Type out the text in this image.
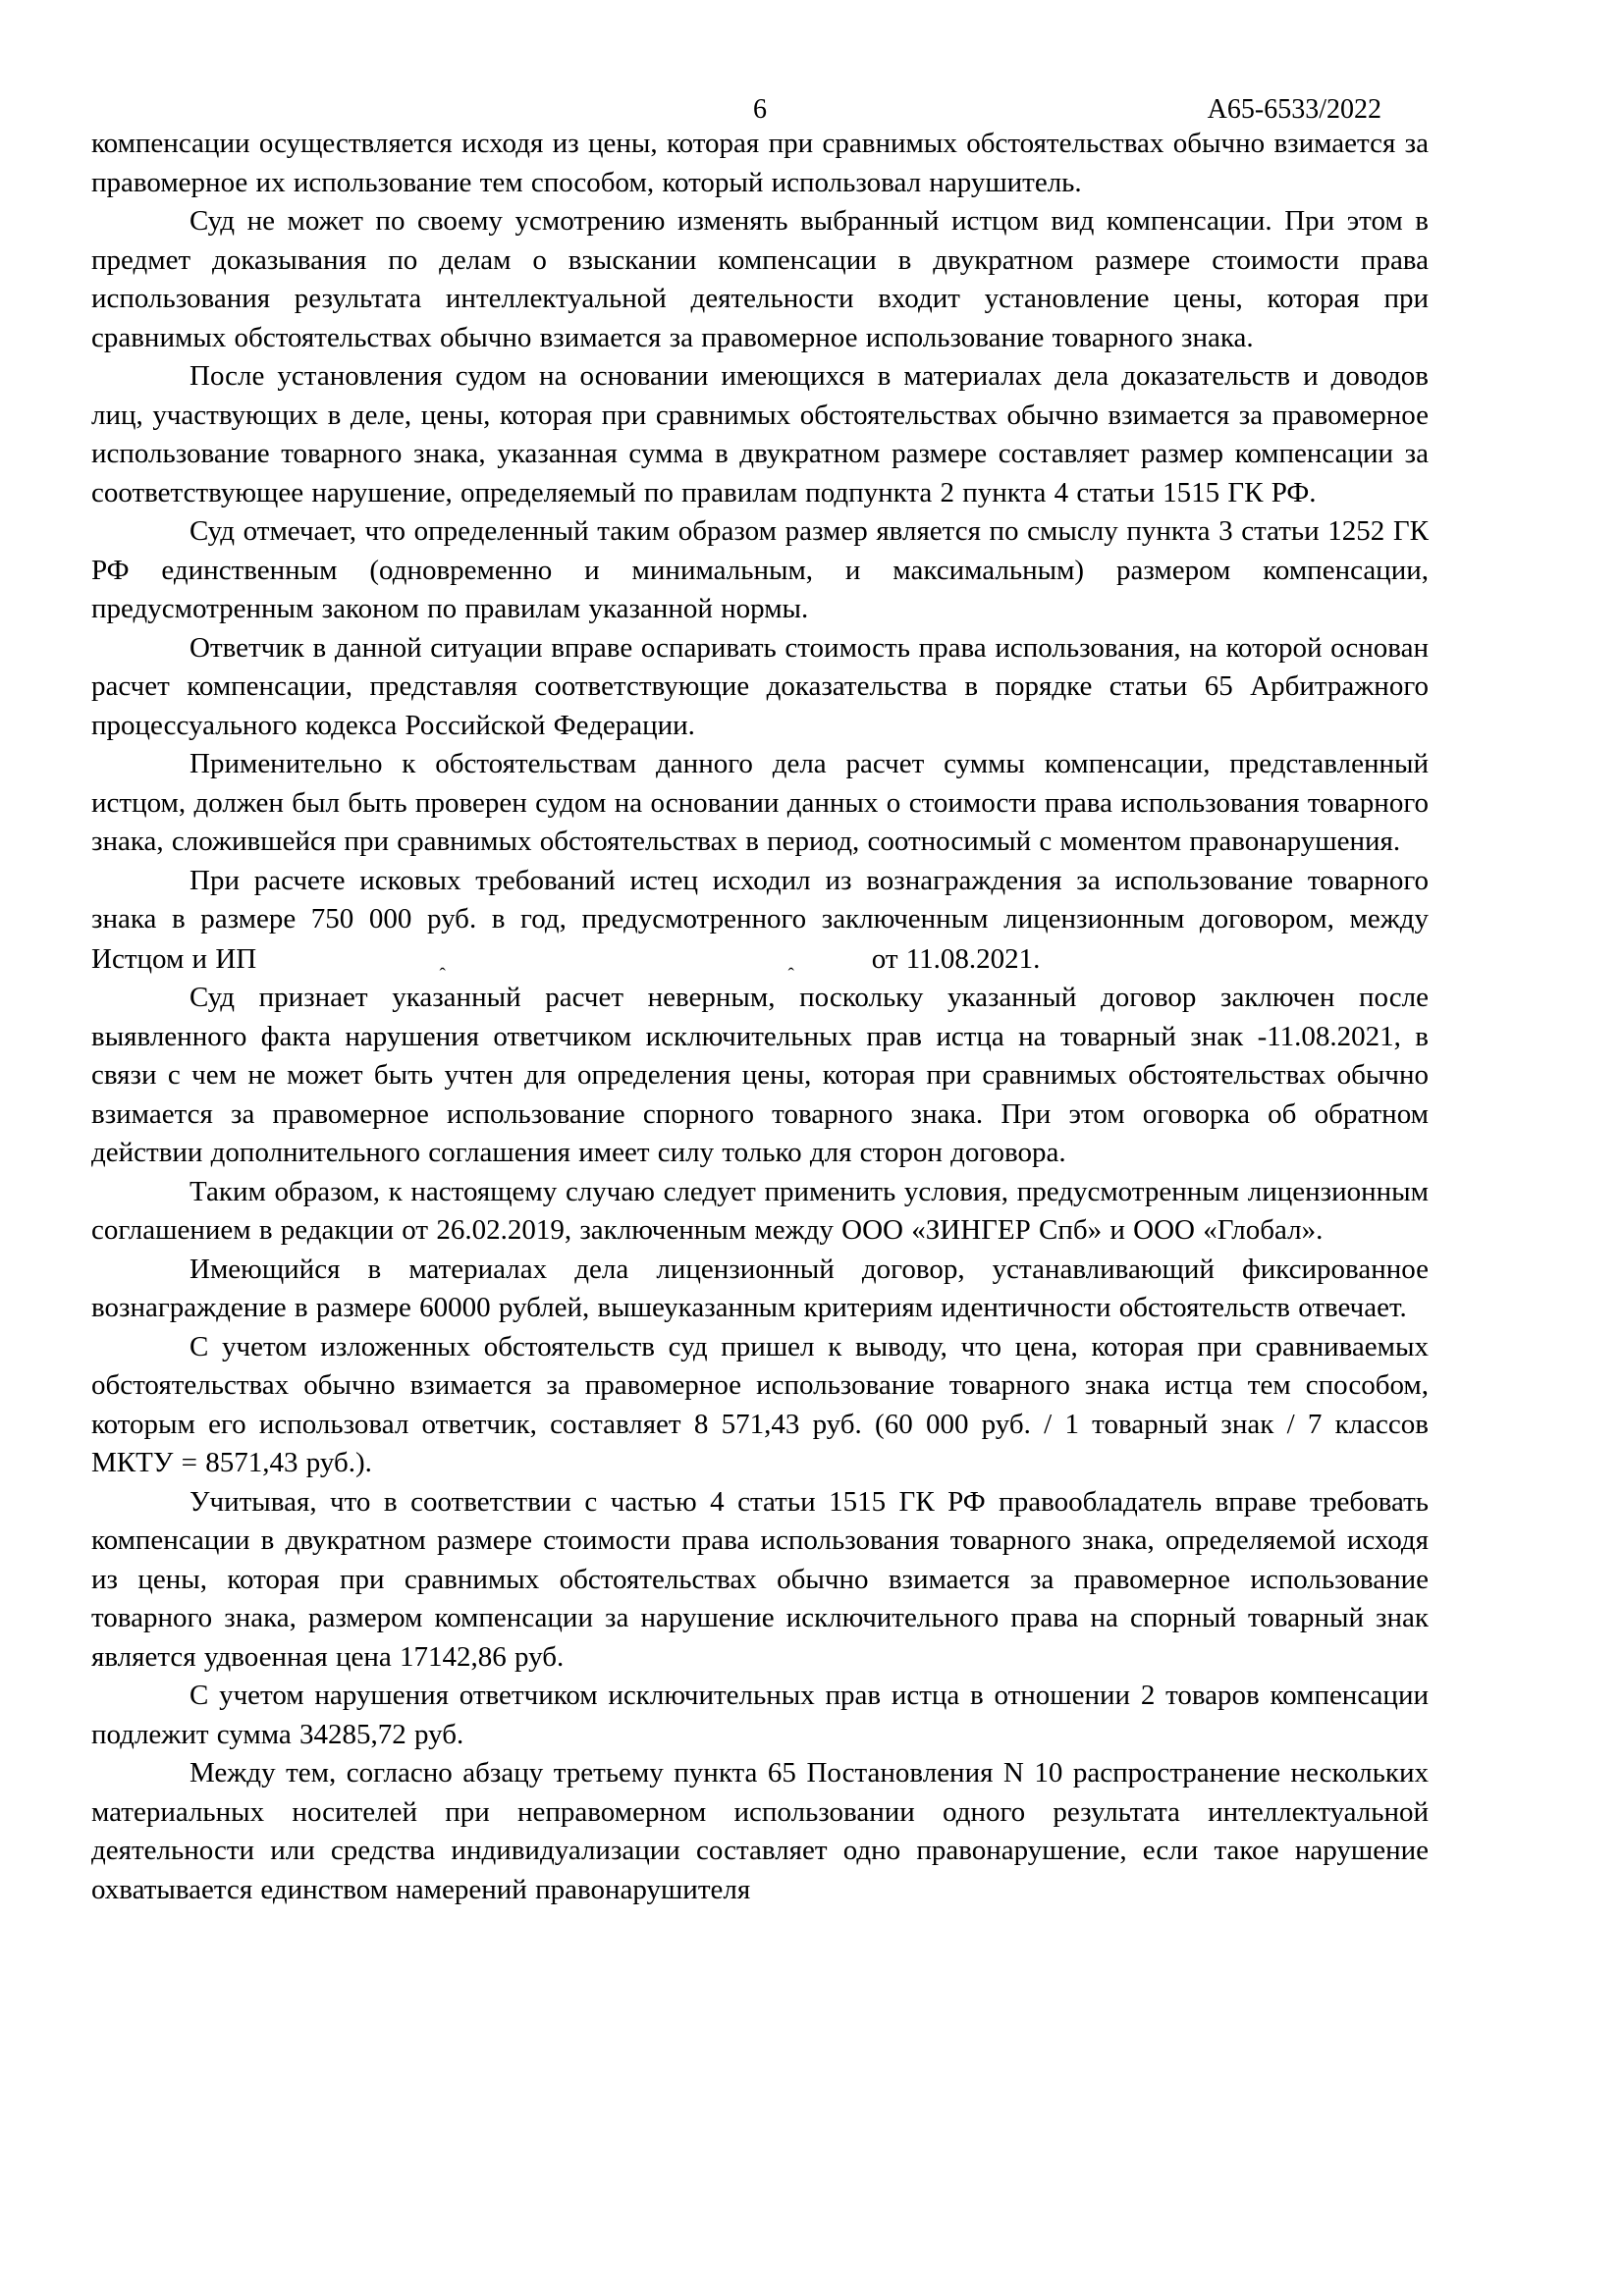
6	А65-6533/2022

компенсации осуществляется исходя из цены, которая при сравнимых обстоятельствах обычно взимается за правомерное их использование тем способом, который использовал нарушитель.

Суд не может по своему усмотрению изменять выбранный истцом вид компенсации. При этом в предмет доказывания по делам о взыскании компенсации в двукратном размере стоимости права использования результата интеллектуальной деятельности входит установление цены, которая при сравнимых обстоятельствах обычно взимается за правомерное использование товарного знака.

После установления судом на основании имеющихся в материалах дела доказательств и доводов лиц, участвующих в деле, цены, которая при сравнимых обстоятельствах обычно взимается за правомерное использование товарного знака, указанная сумма в двукратном размере составляет размер компенсации за соответствующее нарушение, определяемый по правилам подпункта 2 пункта 4 статьи 1515 ГК РФ.

Суд отмечает, что определенный таким образом размер является по смыслу пункта 3 статьи 1252 ГК РФ единственным (одновременно и минимальным, и максимальным) размером компенсации, предусмотренным законом по правилам указанной нормы.

Ответчик в данной ситуации вправе оспаривать стоимость права использования, на которой основан расчет компенсации, представляя соответствующие доказательства в порядке статьи 65 Арбитражного процессуального кодекса Российской Федерации.

Применительно к обстоятельствам данного дела расчет суммы компенсации, представленный истцом, должен был быть проверен судом на основании данных о стоимости права использования товарного знака, сложившейся при сравнимых обстоятельствах в период, соотносимый с моментом правонарушения.

При расчете исковых требований истец исходил из вознаграждения за использование товарного знака в размере 750 000 руб. в год, предусмотренного заключенным лицензионным договором, между Истцом и ИП
ˆ	ˆ
от 11.08.2021.

Суд признает указанный расчет неверным, поскольку указанный договор заключен после выявленного факта нарушения ответчиком исключительных прав истца на товарный знак -11.08.2021, в связи с чем не может быть учтен для определения цены, которая при сравнимых обстоятельствах обычно взимается за правомерное использование спорного товарного знака. При этом оговорка об обратном действии дополнительного соглашения имеет силу только для сторон договора.

Таким образом, к настоящему случаю следует применить условия, предусмотренным лицензионным соглашением в редакции от 26.02.2019, заключенным между ООО «ЗИНГЕР Спб» и ООО «Глобал».

Имеющийся в материалах дела лицензионный договор, устанавливающий фиксированное вознаграждение в размере 60000 рублей, вышеуказанным критериям идентичности обстоятельств отвечает.

С учетом изложенных обстоятельств суд пришел к выводу, что цена, которая при сравниваемых обстоятельствах обычно взимается за правомерное использование товарного знака истца тем способом, которым его использовал ответчик, составляет 8 571,43 руб. (60 000 руб. / 1 товарный знак / 7 классов МКТУ = 8571,43 руб.).

Учитывая, что в соответствии с частью 4 статьи 1515 ГК РФ правообладатель вправе требовать компенсации в двукратном размере стоимости права использования товарного знака, определяемой исходя из цены, которая при сравнимых обстоятельствах обычно взимается за правомерное использование товарного знака, размером компенсации за нарушение исключительного права на спорный товарный знак является удвоенная цена 17142,86 руб.

С учетом нарушения ответчиком исключительных прав истца в отношении 2 товаров компенсации подлежит сумма 34285,72 руб.

Между тем, согласно абзацу третьему пункта 65 Постановления N 10 распространение нескольких материальных носителей при неправомерном использовании одного результата интеллектуальной деятельности или средства индивидуализации составляет одно правонарушение, если такое нарушение охватывается единством намерений правонарушителя
